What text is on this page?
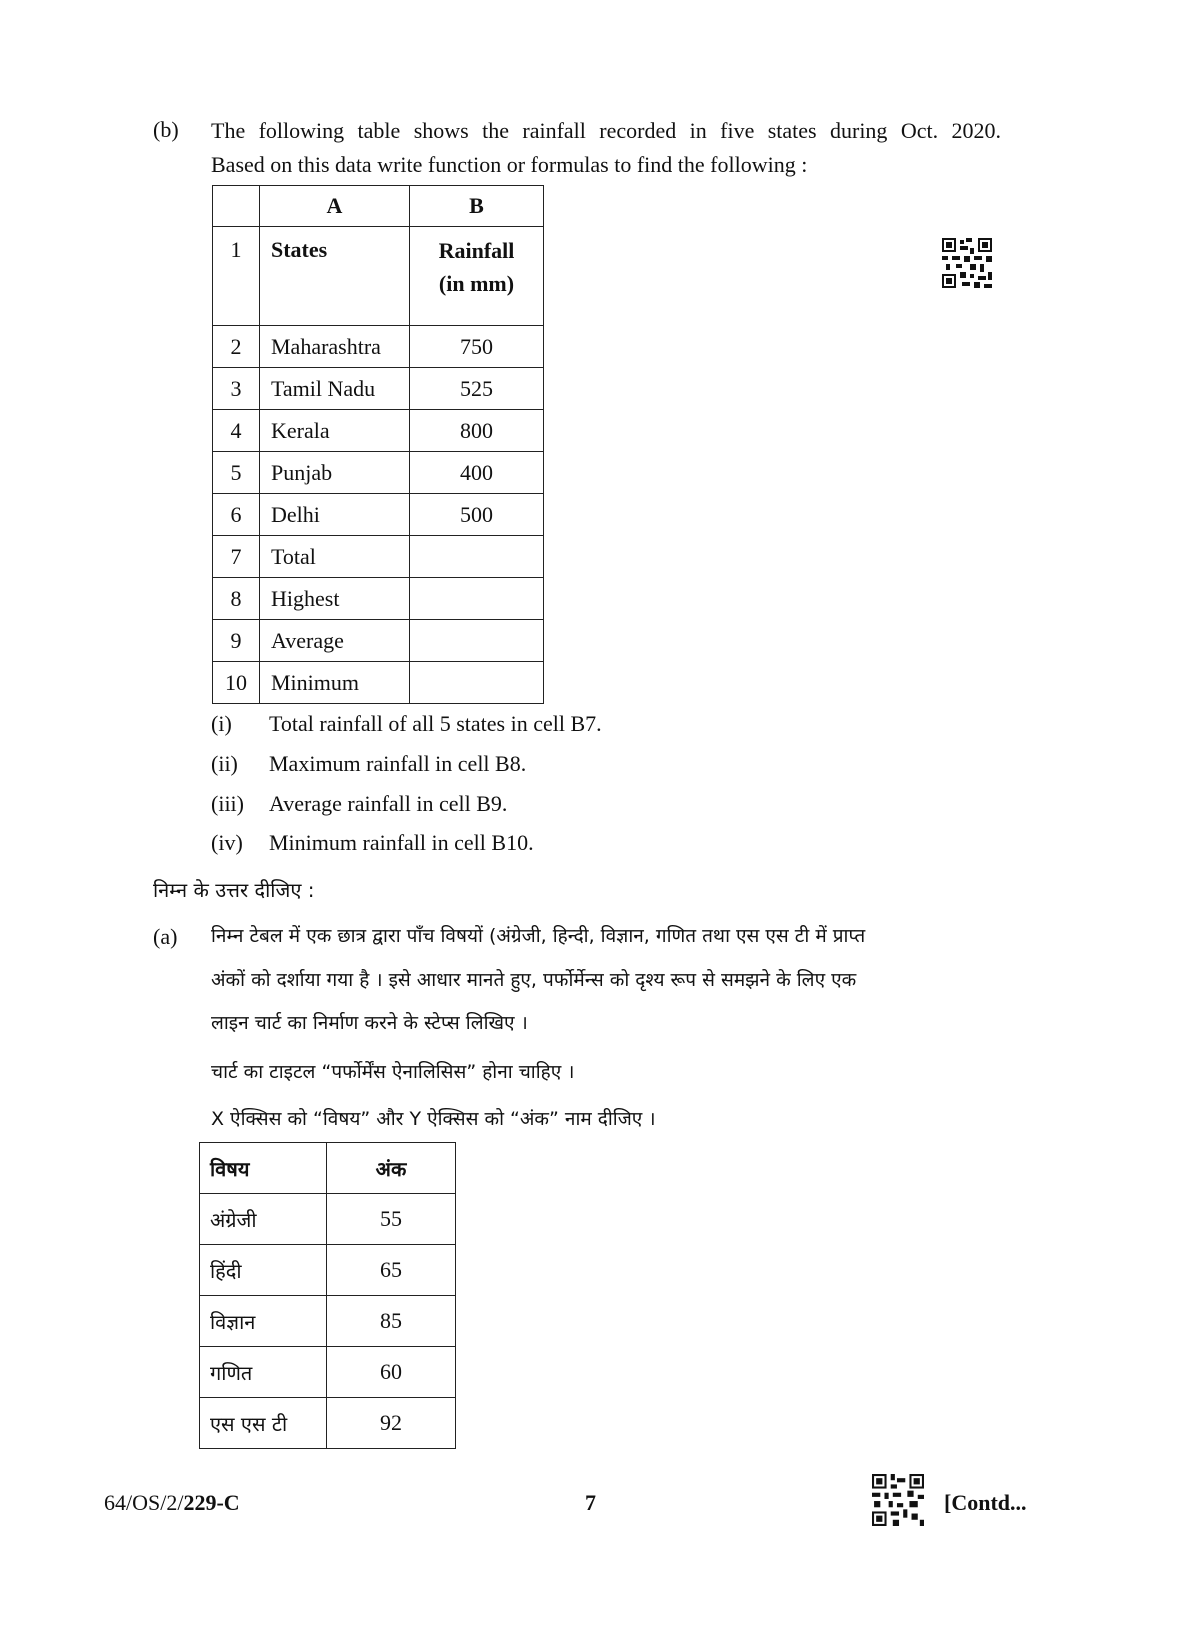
(b) The following table shows the rainfall recorded in five states during Oct. 2020.
Based on this data write function or formulas to find the following :
	A	B
1	States	Rainfall
(in mm)

2	Maharashtra	750
3	Tamil Nadu	525
4	Kerala	800
5	Punjab	400
6	Delhi	500
7	Total	
8	Highest	
9	Average	
10	Minimum	
(i) Total rainfall of all 5 states in cell B7.
(ii) Maximum rainfall in cell B8.
(iii) Average rainfall in cell B9.
(iv) Minimum rainfall in cell B10.
निम्न के उत्तर दीजिए :
(a) निम्न टेबल में एक छात्र द्वारा पाँच विषयों (अंग्रेजी, हिन्दी, विज्ञान, गणित तथा एस एस टी में प्राप्त
अंकों को दर्शाया गया है । इसे आधार मानते हुए, पर्फोर्मेन्स को दृश्य रूप से समझने के लिए एक
लाइन चार्ट का निर्माण करने के स्टेप्स लिखिए ।
चार्ट का टाइटल “पर्फोर्मेंस ऐनालिसिस” होना चाहिए ।
X ऐक्सिस को “विषय” और Y ऐक्सिस को “अंक” नाम दीजिए ।
विषय	अंक
अंग्रेजी	55
हिंदी	65
विज्ञान	85
गणित	60
एस एस टी	92
64/OS/2/229-C	7	[Contd...
